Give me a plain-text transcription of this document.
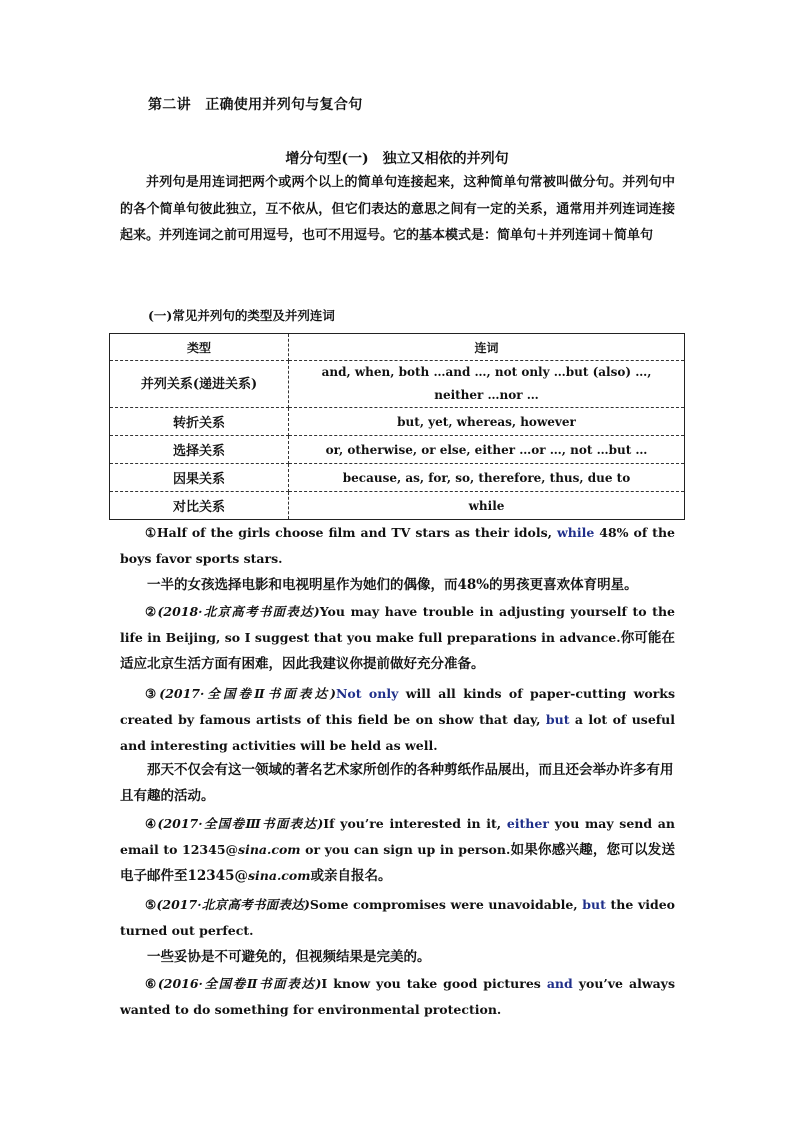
第二讲　正确使用并列句与复合句
增分句型(一)　独立又相依的并列句
并列句是用连词把两个或两个以上的简单句连接起来，这种简单句常被叫做分句。并列句中的各个简单句彼此独立，互不依从，但它们表达的意思之间有一定的关系，通常用并列连词连接起来。并列连词之前可用逗号，也可不用逗号。它的基本模式是：简单句＋并列连词＋简单句
(一)常见并列句的类型及并列连词
类型	连词
并列关系(递进关系)	and, when, both …and …, not only …but (also) …,
neither …nor …

转折关系	but, yet, whereas, however
选择关系	or, otherwise, or else, either …or …, not …but …
因果关系	because, as, for, so, therefore, thus, due to
对比关系	while
①Half of the girls choose film and TV stars as their idols, while 48% of the boys favor sports stars.
一半的女孩选择电影和电视明星作为她们的偶像，而48%的男孩更喜欢体育明星。
②(2018·北京高考书面表达)You may have trouble in adjusting yourself to the life in Beijing, so I suggest that you make full preparations in advance.你可能在适应北京生活方面有困难，因此我建议你提前做好充分准备。
③(2017·全国卷Ⅱ书面表达)Not only will all kinds of paper-cutting works created by famous artists of this field be on show that day, but a lot of useful and interesting activities will be held as well.
那天不仅会有这一领域的著名艺术家所创作的各种剪纸作品展出，而且还会举办许多有用且有趣的活动。
④(2017·全国卷Ⅲ书面表达)If you’re interested in it, either you may send an email to 12345@sina.com or you can sign up in person.如果你感兴趣，您可以发送电子邮件至12345@sina.com或亲自报名。
⑤(2017·北京高考书面表达)Some compromises were unavoidable, but the video turned out perfect.
一些妥协是不可避免的，但视频结果是完美的。
⑥(2016·全国卷Ⅱ书面表达)I know you take good pictures and you’ve always wanted to do something for environmental protection.
